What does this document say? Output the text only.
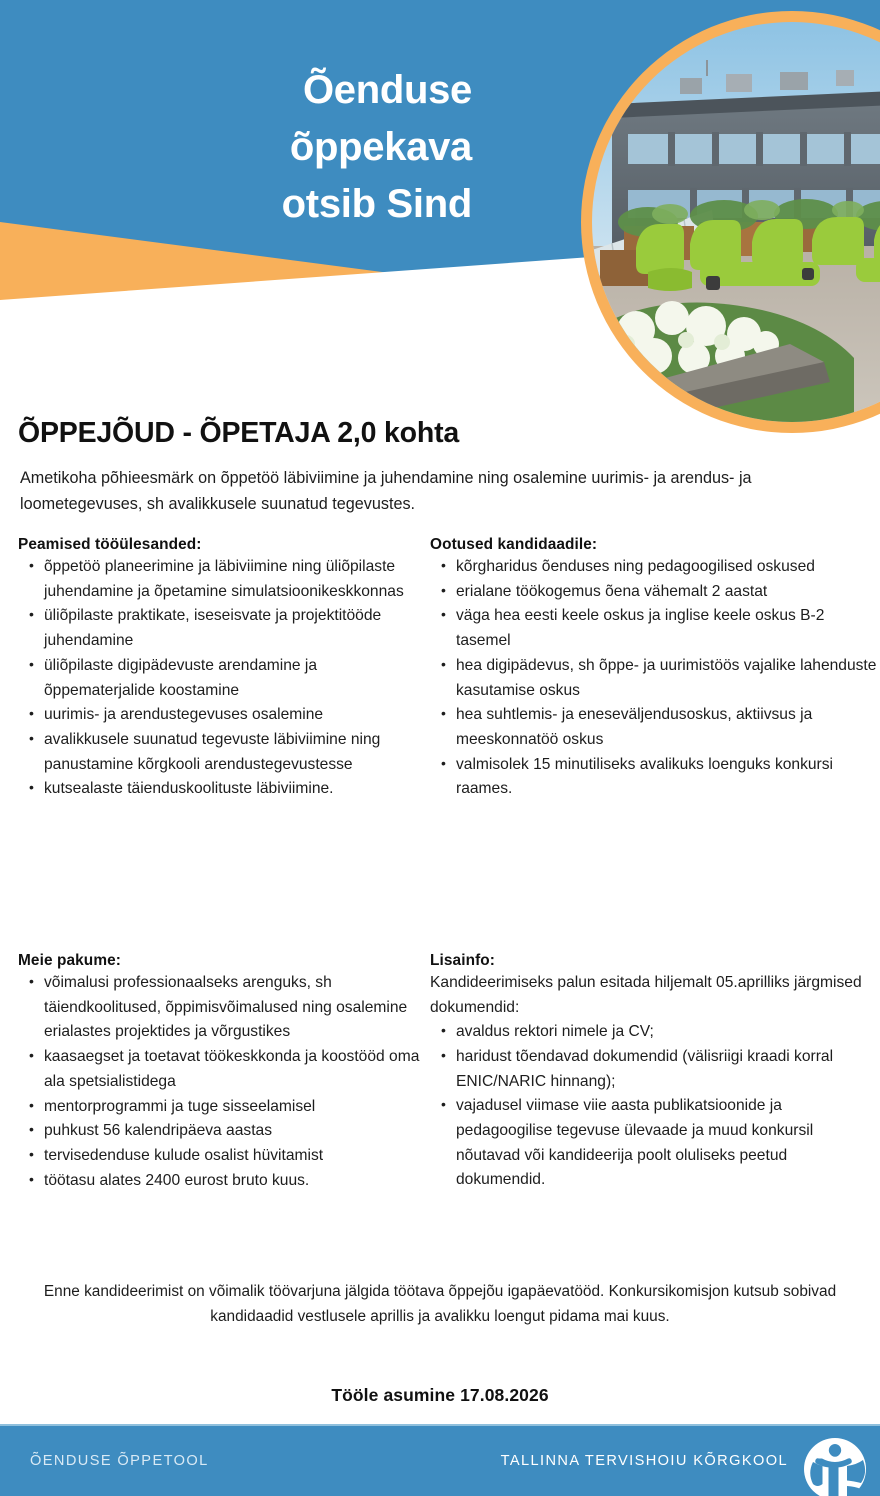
Õenduse
õppekava
otsib Sind
ÕPPEJÕUD - ÕPETAJA 2,0 kohta

Ametikoha põhieesmärk on õppetöö läbiviimine ja juhendamine ning osalemine uurimis- ja arendus- ja loometegevuses, sh avalikkusele suunatud tegevustes.

Peamised tööülesanded:
• õppetöö planeerimine ja läbiviimine ning üliõpilaste juhendamine ja õpetamine simulatsioonikeskkonnas
• üliõpilaste praktikate, iseseisvate ja projektitööde juhendamine
• üliõpilaste digipädevuste arendamine ja õppematerjalide koostamine
• uurimis- ja arendustegevuses osalemine
• avalikkusele suunatud tegevuste läbiviimine ning panustamine kõrgkooli arendustegevustesse
• kutsealaste täienduskoolituste läbiviimine.
Ootused kandidaadile:
• kõrgharidus õenduses ning pedagoogilised oskused
• erialane töökogemus õena vähemalt 2 aastat
• väga hea eesti keele oskus ja inglise keele oskus B-2 tasemel
• hea digipädevus, sh õppe- ja uurimistöös vajalike lahenduste kasutamise oskus
• hea suhtlemis- ja eneseväljendusoskus, aktiivsus ja meeskonnatöö oskus
• valmisolek 15 minutiliseks avalikuks loenguks konkursi raames.
Meie pakume:
• võimalusi professionaalseks arenguks, sh täiendkoolitused, õppimisvõimalused ning osalemine erialastes projektides ja võrgustikes
• kaasaegset ja toetavat töökeskkonda ja koostööd oma ala spetsialistidega
• mentorprogrammi ja tuge sisseelamisel
• puhkust 56 kalendripäeva aastas
• tervisedenduse kulude osalist hüvitamist
• töötasu alates 2400 eurost bruto kuus.
Lisainfo:

Kandideerimiseks palun esitada hiljemalt 05.aprilliks järgmised dokumendid:

• avaldus rektori nimele ja CV;
• haridust tõendavad dokumendid (välisriigi kraadi korral ENIC/NARIC hinnang);
• vajadusel viimase viie aasta publikatsioonide ja pedagoogilise tegevuse ülevaade ja muud konkursil nõutavad või kandideerija poolt oluliseks peetud dokumendid.

Enne kandideerimist on võimalik töövarjuna jälgida töötava õppejõu igapäevatööd. Konkursikomisjon kutsub sobivad kandidaadid vestlusele aprillis ja avalikku loengut pidama mai kuus.

Tööle asumine 17.08.2026
ÕENDUSE ÕPPETOOL	TALLINNA TERVISHOIU KÕRGKOOL
